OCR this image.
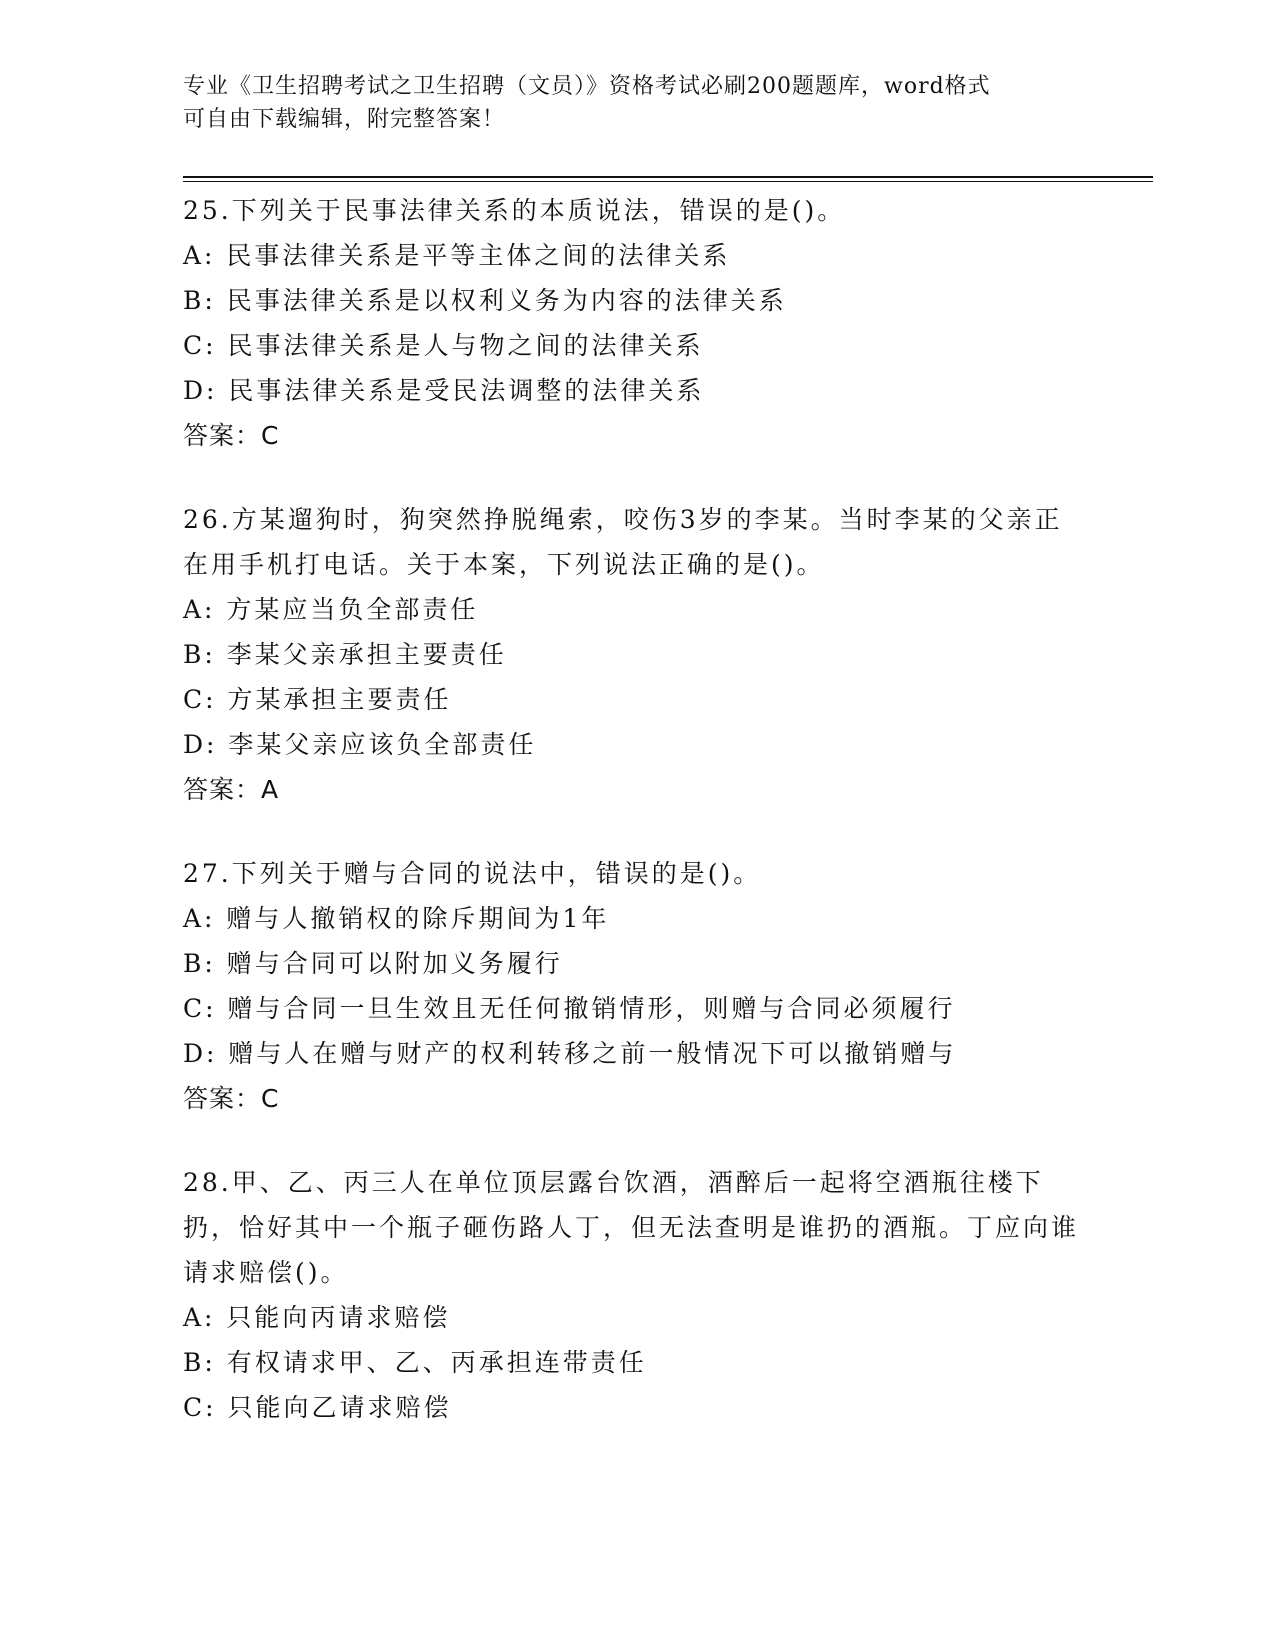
专业《卫生招聘考试之卫生招聘（文员）》资格考试必刷200题题库，word格式
可自由下载编辑，附完整答案！
25.下列关于民事法律关系的本质说法，错误的是()。
A: 民事法律关系是平等主体之间的法律关系
B: 民事法律关系是以权利义务为内容的法律关系
C: 民事法律关系是人与物之间的法律关系
D: 民事法律关系是受民法调整的法律关系
答案：C
26.方某遛狗时，狗突然挣脱绳索，咬伤3岁的李某。当时李某的父亲正在用手机打电话。关于本案，下列说法正确的是()。
A: 方某应当负全部责任
B: 李某父亲承担主要责任
C: 方某承担主要责任
D: 李某父亲应该负全部责任
答案：A
27.下列关于赠与合同的说法中，错误的是()。
A: 赠与人撤销权的除斥期间为1年
B: 赠与合同可以附加义务履行
C: 赠与合同一旦生效且无任何撤销情形，则赠与合同必须履行
D: 赠与人在赠与财产的权利转移之前一般情况下可以撤销赠与
答案：C
28.甲、乙、丙三人在单位顶层露台饮酒，酒醉后一起将空酒瓶往楼下扔，恰好其中一个瓶子砸伤路人丁，但无法查明是谁扔的酒瓶。丁应向谁请求赔偿()。
A: 只能向丙请求赔偿
B: 有权请求甲、乙、丙承担连带责任
C: 只能向乙请求赔偿
